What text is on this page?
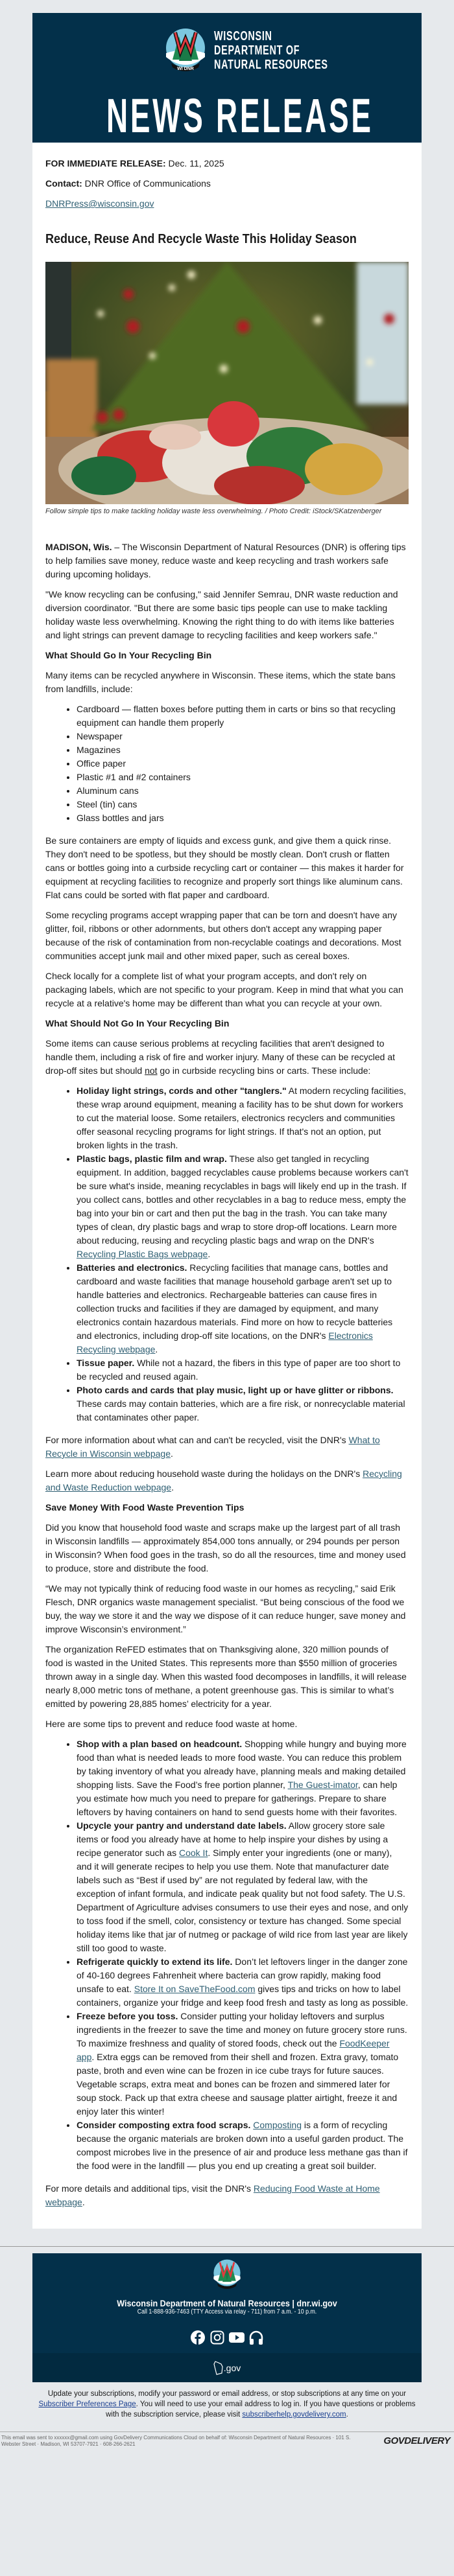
WI DNR
WISCONSIN
DEPARTMENT OF
NATURAL RESOURCES
NEWS RELEASE

FOR IMMEDIATE RELEASE: Dec. 11, 2025

Contact: DNR Office of Communications

DNRPress@wisconsin.gov

Reduce, Reuse And Recycle Waste This Holiday Season
Follow simple tips to make tackling holiday waste less overwhelming. / Photo Credit: iStock/SKatzenberger

MADISON, Wis. – The Wisconsin Department of Natural Resources (DNR) is offering tips to help families save money, reduce waste and keep recycling and trash workers safe during upcoming holidays.

"We know recycling can be confusing," said Jennifer Semrau, DNR waste reduction and diversion coordinator. "But there are some basic tips people can use to make tackling holiday waste less overwhelming. Knowing the right thing to do with items like batteries and light strings can prevent damage to recycling facilities and keep workers safe."

What Should Go In Your Recycling Bin

Many items can be recycled anywhere in Wisconsin. These items, which the state bans from landfills, include:

• Cardboard — flatten boxes before putting them in carts or bins so that recycling equipment can handle them properly
• Newspaper
• Magazines
• Office paper
• Plastic #1 and #2 containers
• Aluminum cans
• Steel (tin) cans
• Glass bottles and jars

Be sure containers are empty of liquids and excess gunk, and give them a quick rinse. They don't need to be spotless, but they should be mostly clean. Don't crush or flatten cans or bottles going into a curbside recycling cart or container — this makes it harder for equipment at recycling facilities to recognize and properly sort things like aluminum cans. Flat cans could be sorted with flat paper and cardboard.

Some recycling programs accept wrapping paper that can be torn and doesn't have any glitter, foil, ribbons or other adornments, but others don't accept any wrapping paper because of the risk of contamination from non-recyclable coatings and decorations. Most communities accept junk mail and other mixed paper, such as cereal boxes.

Check locally for a complete list of what your program accepts, and don't rely on packaging labels, which are not specific to your program. Keep in mind that what you can recycle at a relative's home may be different than what you can recycle at your own.

What Should Not Go In Your Recycling Bin

Some items can cause serious problems at recycling facilities that aren't designed to handle them, including a risk of fire and worker injury. Many of these can be recycled at drop-off sites but should not go in curbside recycling bins or carts. These include:

• Holiday light strings, cords and other "tanglers." At modern recycling facilities, these wrap around equipment, meaning a facility has to be shut down for workers to cut the material loose. Some retailers, electronics recyclers and communities offer seasonal recycling programs for light strings. If that's not an option, put broken lights in the trash.
• Plastic bags, plastic film and wrap. These also get tangled in recycling equipment. In addition, bagged recyclables cause problems because workers can't be sure what's inside, meaning recyclables in bags will likely end up in the trash. If you collect cans, bottles and other recyclables in a bag to reduce mess, empty the bag into your bin or cart and then put the bag in the trash. You can take many types of clean, dry plastic bags and wrap to store drop-off locations. Learn more about reducing, reusing and recycling plastic bags and wrap on the DNR's Recycling Plastic Bags webpage.
• Batteries and electronics. Recycling facilities that manage cans, bottles and cardboard and waste facilities that manage household garbage aren't set up to handle batteries and electronics. Rechargeable batteries can cause fires in collection trucks and facilities if they are damaged by equipment, and many electronics contain hazardous materials. Find more on how to recycle batteries and electronics, including drop-off site locations, on the DNR's Electronics Recycling webpage.
• Tissue paper. While not a hazard, the fibers in this type of paper are too short to be recycled and reused again.
• Photo cards and cards that play music, light up or have glitter or ribbons. These cards may contain batteries, which are a fire risk, or nonrecyclable material that contaminates other paper.

For more information about what can and can't be recycled, visit the DNR's What to Recycle in Wisconsin webpage.

Learn more about reducing household waste during the holidays on the DNR's Recycling and Waste Reduction webpage.

Save Money With Food Waste Prevention Tips

Did you know that household food waste and scraps make up the largest part of all trash in Wisconsin landfills — approximately 854,000 tons annually, or 294 pounds per person in Wisconsin? When food goes in the trash, so do all the resources, time and money used to produce, store and distribute the food.

“We may not typically think of reducing food waste in our homes as recycling,” said Erik Flesch, DNR organics waste management specialist. “But being conscious of the food we buy, the way we store it and the way we dispose of it can reduce hunger, save money and improve Wisconsin’s environment.”

The organization ReFED estimates that on Thanksgiving alone, 320 million pounds of food is wasted in the United States. This represents more than $550 million of groceries thrown away in a single day. When this wasted food decomposes in landfills, it will release nearly 8,000 metric tons of methane, a potent greenhouse gas. This is similar to what’s emitted by powering 28,885 homes’ electricity for a year.

Here are some tips to prevent and reduce food waste at home.

• Shop with a plan based on headcount. Shopping while hungry and buying more food than what is needed leads to more food waste. You can reduce this problem by taking inventory of what you already have, planning meals and making detailed shopping lists. Save the Food’s free portion planner, The Guest-imator, can help you estimate how much you need to prepare for gatherings. Prepare to share leftovers by having containers on hand to send guests home with their favorites.
• Upcycle your pantry and understand date labels. Allow grocery store sale items or food you already have at home to help inspire your dishes by using a recipe generator such as Cook It. Simply enter your ingredients (one or many), and it will generate recipes to help you use them. Note that manufacturer date labels such as “Best if used by” are not regulated by federal law, with the exception of infant formula, and indicate peak quality but not food safety. The U.S. Department of Agriculture advises consumers to use their eyes and nose, and only to toss food if the smell, color, consistency or texture has changed. Some special holiday items like that jar of nutmeg or package of wild rice from last year are likely still too good to waste.
• Refrigerate quickly to extend its life. Don’t let leftovers linger in the danger zone of 40-160 degrees Fahrenheit where bacteria can grow rapidly, making food unsafe to eat. Store It on SaveTheFood.com gives tips and tricks on how to label containers, organize your fridge and keep food fresh and tasty as long as possible.
• Freeze before you toss. Consider putting your holiday leftovers and surplus ingredients in the freezer to save the time and money on future grocery store runs. To maximize freshness and quality of stored foods, check out the FoodKeeper app. Extra eggs can be removed from their shell and frozen. Extra gravy, tomato paste, broth and even wine can be frozen in ice cube trays for future sauces. Vegetable scraps, extra meat and bones can be frozen and simmered later for soup stock. Pack up that extra cheese and sausage platter airtight, freeze it and enjoy later this winter!
• Consider composting extra food scraps. Composting is a form of recycling because the organic materials are broken down into a useful garden product. The compost microbes live in the presence of air and produce less methane gas than if the food were in the landfill — plus you end up creating a great soil builder.

For more details and additional tips, visit the DNR's Reducing Food Waste at Home webpage.

Wisconsin Department of Natural Resources | dnr.wi.gov
Call 1-888-936-7463 (TTY Access via relay - 711) from 7 a.m. - 10 p.m.
.gov
Update your subscriptions, modify your password or email address, or stop subscriptions at any time on your Subscriber Preferences Page. You will need to use your email address to log in. If you have questions or problems with the subscription service, please visit subscriberhelp.govdelivery.com.
This email was sent to xxxxxx@gmail.com using GovDelivery Communications Cloud on behalf of: Wisconsin Department of Natural Resources · 101 S. Webster Street · Madison, WI 53707-7921 · 608-266-2621	GOVDELIVERY
